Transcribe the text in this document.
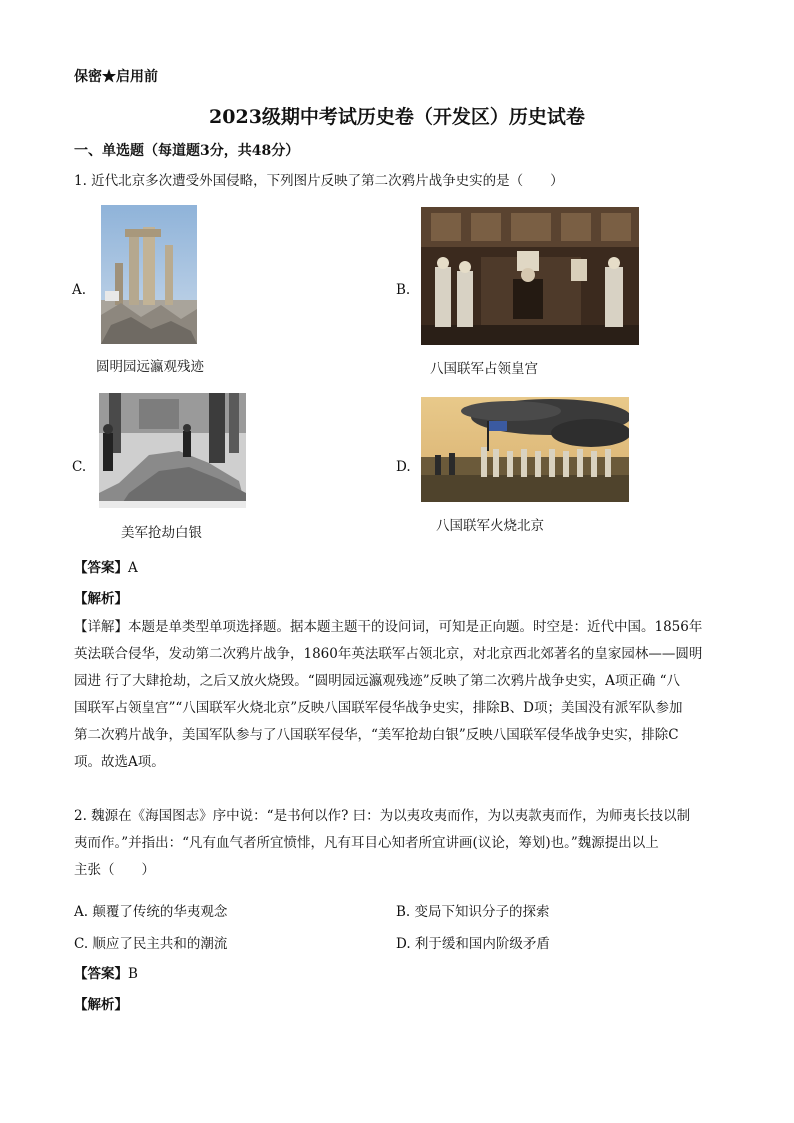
保密★启用前
2023级期中考试历史卷（开发区）历史试卷
一、单选题（每道题3分，共48分）
1. 近代北京多次遭受外国侵略，下列图片反映了第二次鸦片战争史实的是（　　）
A.
圆明园远瀛观残迹
B.
八国联军占领皇宫
C.
美军抢劫白银
D.
八国联军火烧北京
【答案】A
【解析】
【详解】本题是单类型单项选择题。据本题主题干的设问词，可知是正向题。时空是：近代中国。1856年
英法联合侵华，发动第二次鸦片战争，1860年英法联军占领北京，对北京西北郊著名的皇家园林——圆明
园进 行了大肆抢劫，之后又放火烧毁。“圆明园远瀛观残迹”反映了第二次鸦片战争史实，A项正确 “八
国联军占领皇宫”“八国联军火烧北京”反映八国联军侵华战争史实，排除B、D项；美国没有派军队参加
第二次鸦片战争，美国军队参与了八国联军侵华，“美军抢劫白银”反映八国联军侵华战争史实，排除C
项。故选A项。
2. 魏源在《海国图志》序中说：“是书何以作? 曰：为以夷攻夷而作，为以夷款夷而作，为师夷长技以制
夷而作。”并指出：“凡有血气者所宜愤悱，凡有耳目心知者所宜讲画(议论，筹划)也。”魏源提出以上
主张（　　）
A. 颠覆了传统的华夷观念	B. 变局下知识分子的探索
C. 顺应了民主共和的潮流	D. 利于缓和国内阶级矛盾
【答案】B
【解析】
